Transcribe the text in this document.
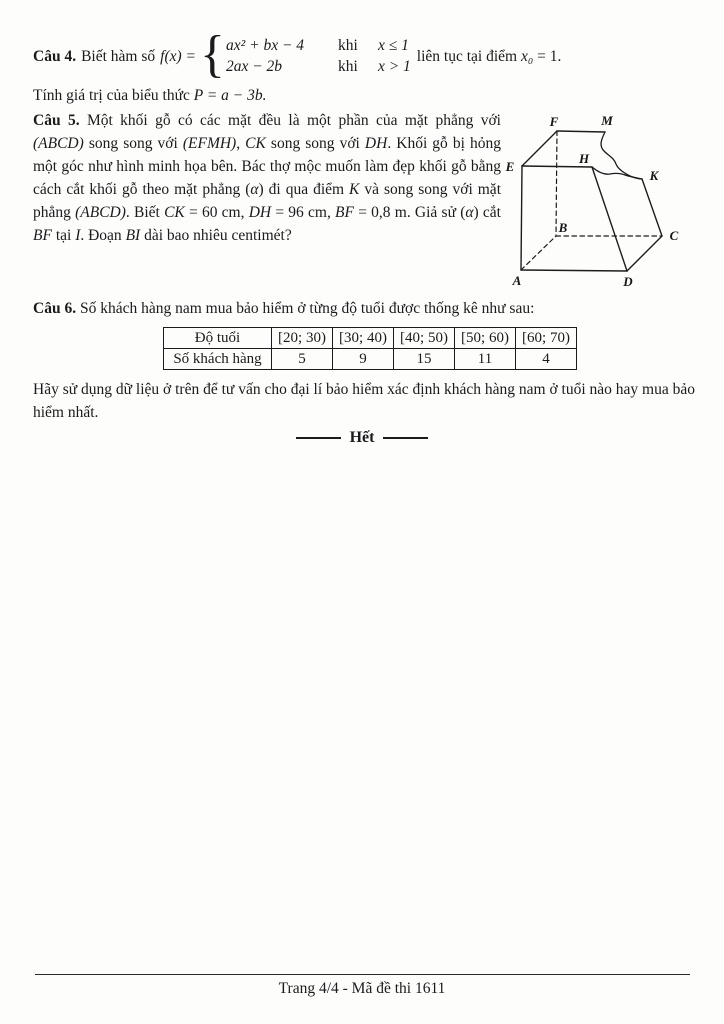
Câu 4. Biết hàm số f(x) = { ax² + bx − 4	khi	x ≤ 1
2ax − 2b	khi	x > 1
liên tục tại điểm x₀ = 1.
Tính giá trị của biểu thức P = a − 3b.
Câu 5. Một khối gỗ có các mặt đều là một phần của mặt phẳng với (ABCD) song song với (EFMH), CK song song với DH. Khối gỗ bị hỏng một góc như hình minh họa bên. Bác thợ mộc muốn làm đẹp khối gỗ bằng cách cắt khối gỗ theo mặt phẳng (α) đi qua điểm K và song song với mặt phẳng (ABCD). Biết CK = 60 cm, DH = 96 cm, BF = 0,8 m. Giả sử (α) cắt BF tại I. Đoạn BI dài bao nhiêu centimét?
F	M
E
H
K
B
C
A	D
Câu 6. Số khách hàng nam mua bảo hiểm ở từng độ tuổi được thống kê như sau:
Độ tuổi	[20; 30)	[30; 40)	[40; 50)	[50; 60)	[60; 70)
Số khách hàng	5	9	15	11	4
Hãy sử dụng dữ liệu ở trên để tư vấn cho đại lí bảo hiểm xác định khách hàng nam ở tuổi nào hay mua bảo hiểm nhất.
Hết
Trang 4/4 - Mã đề thi 1611
